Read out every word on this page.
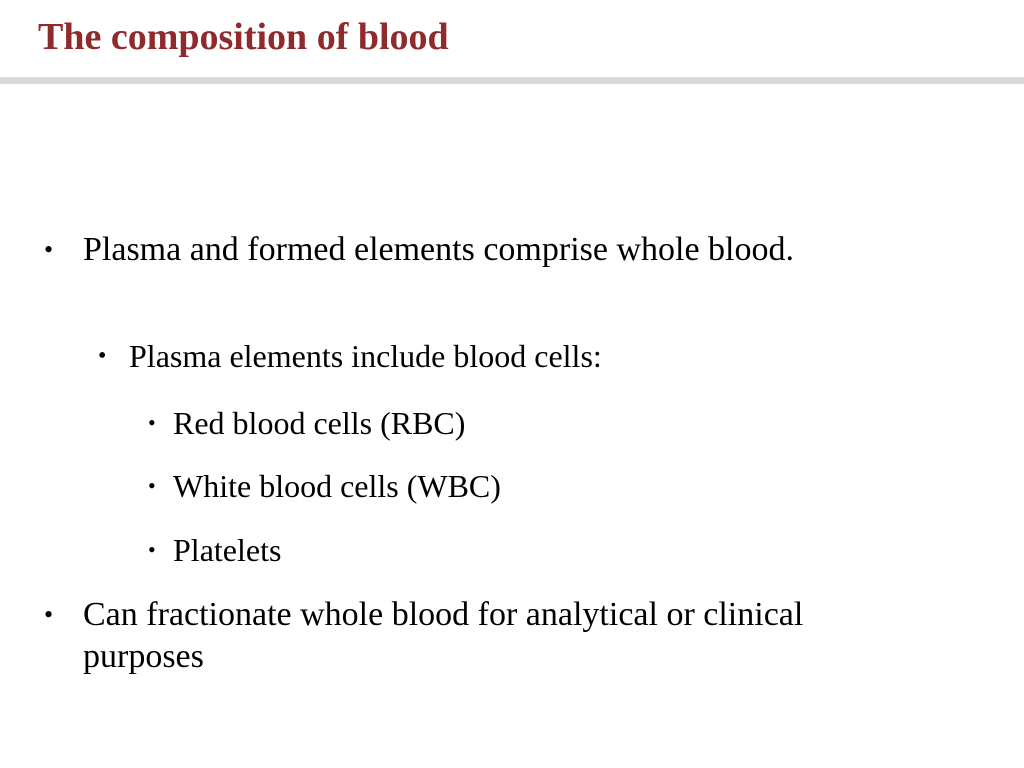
The composition of blood
• Plasma and formed elements comprise whole blood.
• Plasma elements include blood cells:
• Red blood cells (RBC)
• White blood cells (WBC)
• Platelets
• Can fractionate whole blood for analytical or clinical purposes
